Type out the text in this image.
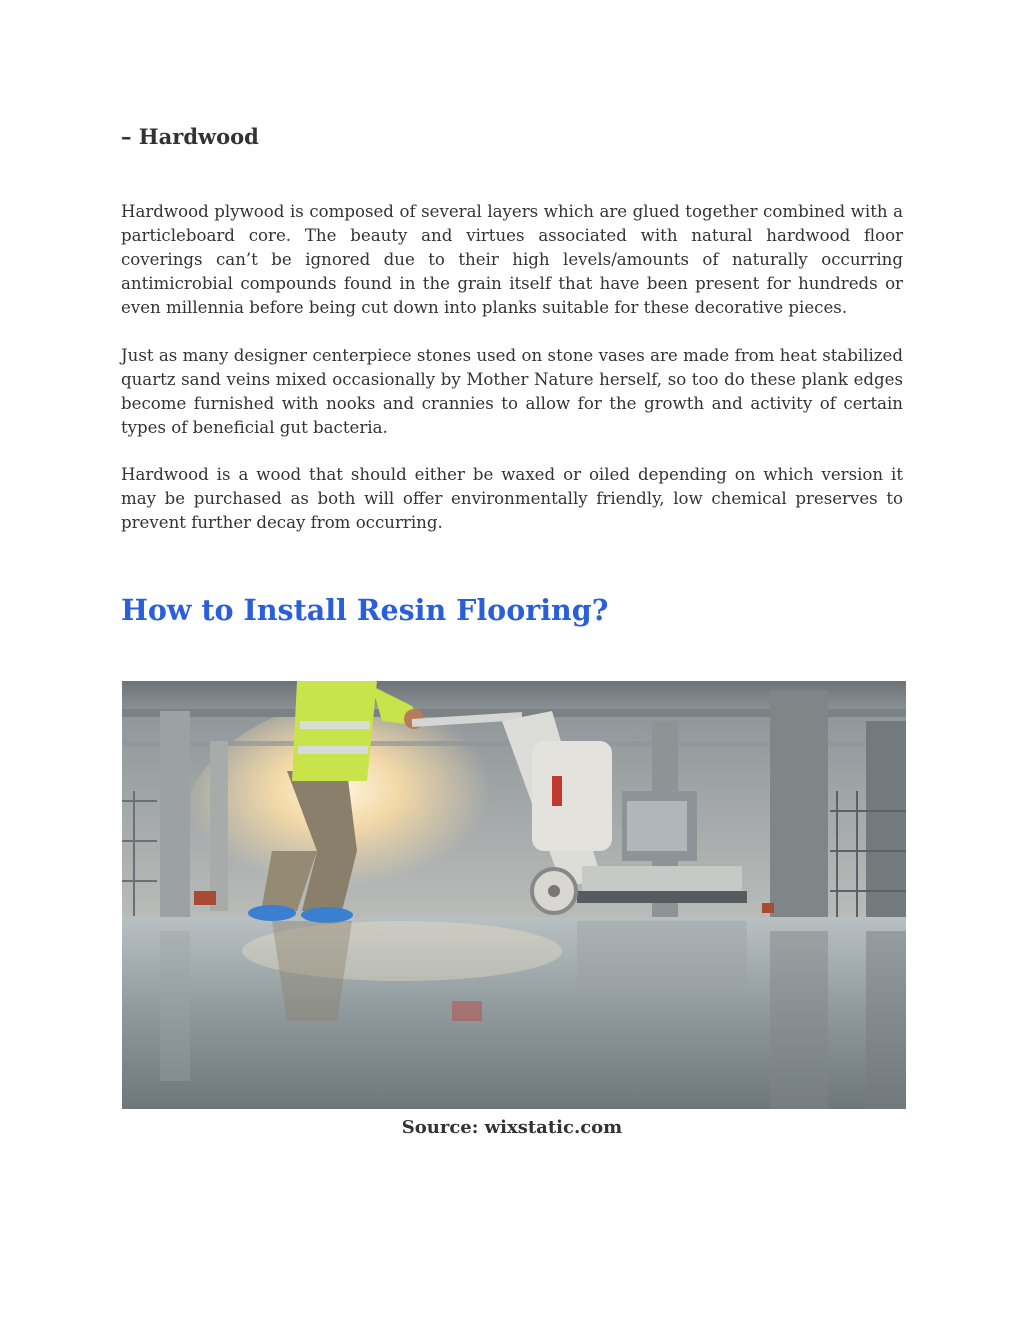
– Hardwood

Hardwood plywood is composed of several layers which are glued together combined with a particleboard core. The beauty and virtues associated with natural hardwood floor coverings can’t be ignored due to their high levels/amounts of naturally occurring antimicrobial compounds found in the grain itself that have been present for hundreds or even millennia before being cut down into planks suitable for these decorative pieces.

Just as many designer centerpiece stones used on stone vases are made from heat stabilized quartz sand veins mixed occasionally by Mother Nature herself, so too do these plank edges become furnished with nooks and crannies to allow for the growth and activity of certain types of beneficial gut bacteria.

Hardwood is a wood that should either be waxed or oiled depending on which version it may be purchased as both will offer environmentally friendly, low chemical preserves to prevent further decay from occurring.

How to Install Resin Flooring?

Source: wixstatic.com
